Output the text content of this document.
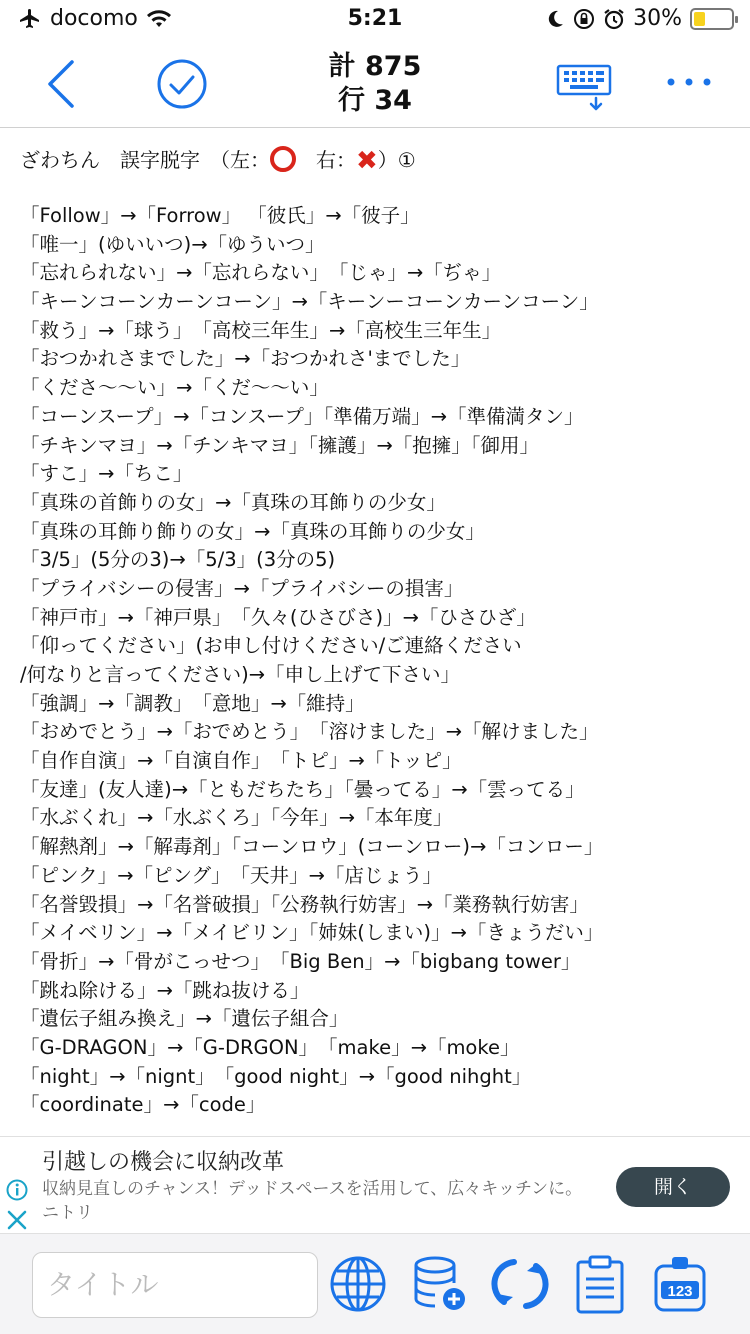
docomo	5:21	30%
計 875
行 34
ざわちん　誤字脱字　（左：○ 　右：✖）①
「Follow」→「Forrow」 「彼氏」→「彼子」
「唯一」(ゆいいつ)→「ゆういつ」
「忘れられない」→「忘れらない」　「じゃ」→「ぢゃ」
「キーンコーンカーンコーン」→「キーンーコーンカーンコーン」
「救う」→「球う」　「高校三年生」→「高校生三年生」
「おつかれさまでした」→「おつかれさ'までした」
「くださ〜〜い」→「くだ〜〜い」
「コーンスープ」→「コンスープ」「準備万端」→「準備満タン」
「チキンマヨ」→「チンキマヨ」「擁護」→「抱擁」「御用」
「すこ」→「ちこ」
「真珠の首飾りの女」→「真珠の耳飾りの少女」
「真珠の耳飾り飾りの女」→「真珠の耳飾りの少女」
「3/5」(5分の3)→「5/3」(3分の5)
「プライバシーの侵害」→「プライバシーの損害」
「神戸市」→「神戸県」　「久々(ひさびさ)」→「ひさひざ」
「仰ってください」(お申し付けください/ご連絡ください
/何なりと言ってください)→「申し上げて下さい」
「強調」→「調教」　「意地」→「維持」
「おめでとう」→「おでめとう」　「溶けました」→「解けました」
「自作自演」→「自演自作」　「トピ」→「トッピ」
「友達」(友人達)→「ともだちたち」「曇ってる」→「雲ってる」
「水ぶくれ」→「水ぶくろ」「今年」→「本年度」
「解熱剤」→「解毒剤」「コーンロウ」(コーンロー)→「コンロー」
「ピンク」→「ピング」　「天井」→「店じょう」
「名誉毀損」→「名誉破損」「公務執行妨害」→「業務執行妨害」
「メイベリン」→「メイビリン」「姉妹(しまい)」→「きょうだい」
「骨折」→「骨がこっせつ」　「Big Ben」→「bigbang tower」
「跳ね除ける」→「跳ね抜ける」
「遺伝子組み換え」→「遺伝子組合」
「G-DRAGON」→「G-DRGON」　「make」→「moke」
「night」→「nignt」　「good night」→「good nihght」
「coordinate」→「code」
引越しの機会に収納改革
収納見直しのチャンス！デッドスペースを活用して、広々キッチンに。 ニトリ
開く
タイトル	123
